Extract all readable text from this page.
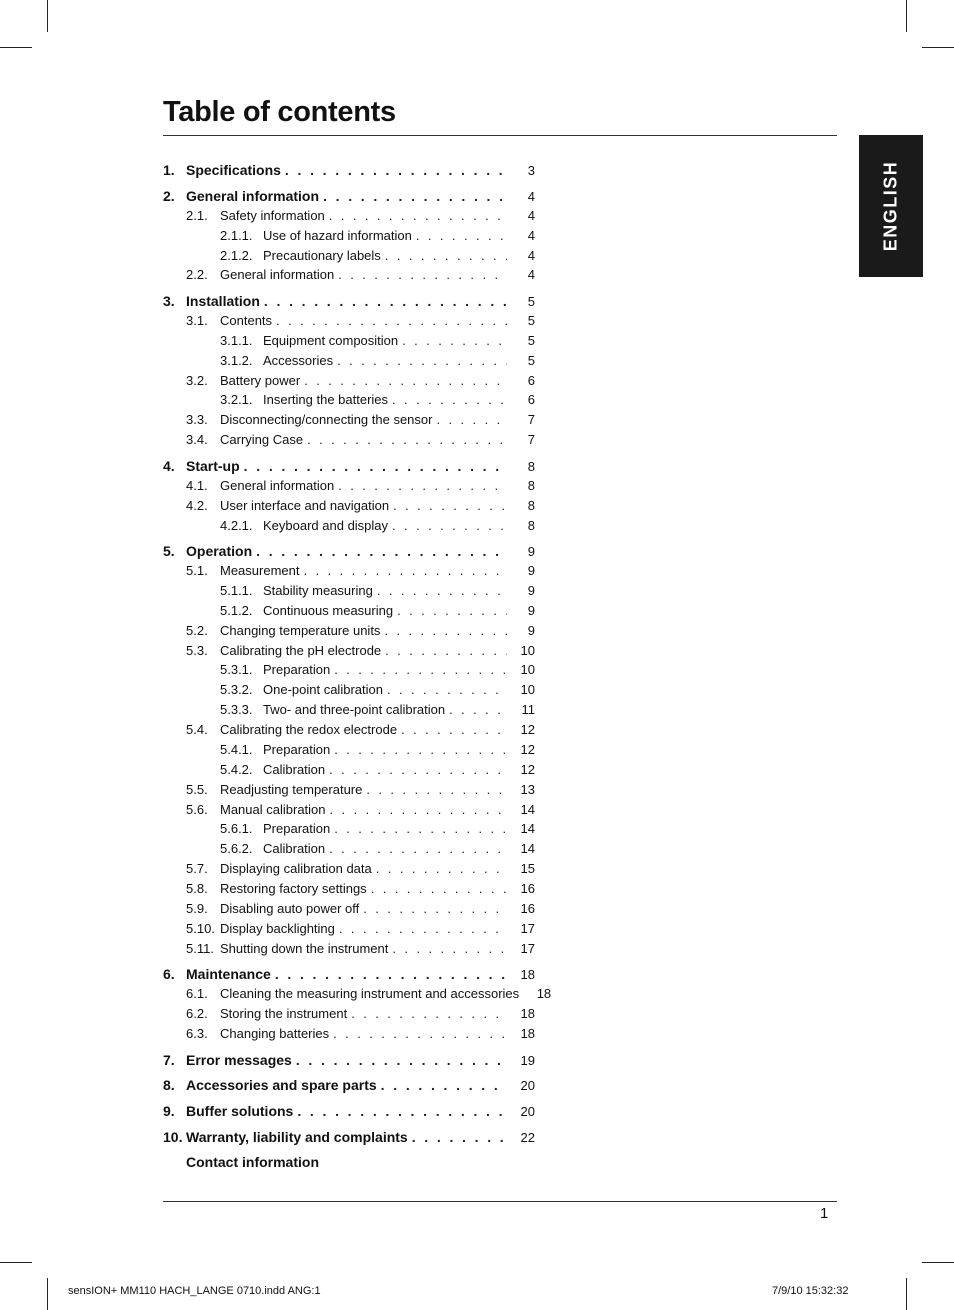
Table of contents
ENGLISH
1. Specifications . . .	3
2. General information . . .	4
2.1. Safety information . . .	4
2.1.1. Use of hazard information . . .	4
2.1.2. Precautionary labels . . .	4
2.2. General information . . .	4
3. Installation . . .	5
3.1. Contents . . .	5
3.1.1. Equipment composition . . .	5
3.1.2. Accessories . . .	5
3.2. Battery power . . .	6
3.2.1. Inserting the batteries . . .	6
3.3. Disconnecting/connecting the sensor . . .	7
3.4. Carrying Case . . .	7
4. Start-up . . .	8
4.1. General information . . .	8
4.2. User interface and navigation . . .	8
4.2.1. Keyboard and display . . .	8
5. Operation . . .	9
5.1. Measurement . . .	9
5.1.1. Stability measuring . . .	9
5.1.2. Continuous measuring . . .	9
5.2. Changing temperature units . . .	9
5.3. Calibrating the pH electrode . . .	10
5.3.1. Preparation . . .	10
5.3.2. One-point calibration . . .	10
5.3.3. Two- and three-point calibration . . .	11
5.4. Calibrating the redox electrode . . .	12
5.4.1. Preparation . . .	12
5.4.2. Calibration . . .	12
5.5. Readjusting temperature . . .	13
5.6. Manual calibration . . .	14
5.6.1. Preparation . . .	14
5.6.2. Calibration . . .	14
5.7. Displaying calibration data . . .	15
5.8. Restoring factory settings . . .	16
5.9. Disabling auto power off . . .	16
5.10. Display backlighting . . .	17
5.11. Shutting down the instrument . . .	17
6. Maintenance . . .	18
6.1. Cleaning the measuring instrument and accessories	18
6.2. Storing the instrument . . .	18
6.3. Changing batteries . . .	18
7. Error messages . . .	19
8. Accessories and spare parts . . .	20
9. Buffer solutions . . .	20
10. Warranty, liability and complaints . . .	22
Contact information
1
sensION+ MM110 HACH_LANGE 0710.indd ANG:1	7/9/10 15:32:32
